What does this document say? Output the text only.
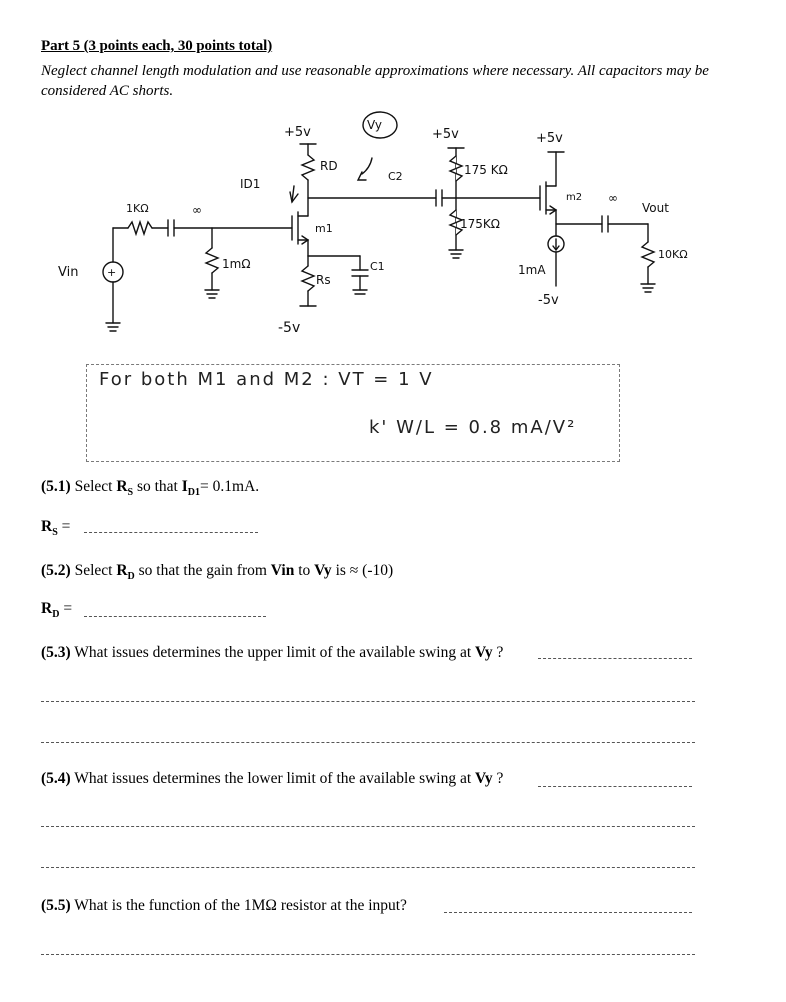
Part 5 (3 points each, 30 points total)
Neglect channel length modulation and use reasonable approximations where necessary. All capacitors may be considered AC shorts.
+
Vin
1KΩ	∞
1mΩ
m1
+5v
RD
ID1
C2
Vy
Rs
-5v
C1
+5v
175 KΩ
175KΩ
m2
+5v
1mA
-5v
∞
Vout
10KΩ
For both M1 and M2 : VT = 1 V
k' W/L = 0.8 mA/V²
(5.1) Select $R_S$ so that $I_{D1}= 0.1mA$.
$R_S$ =
(5.2) Select $R_D$ so that the gain from Vin to Vy is ≈ (-10)
$R_D$ =
(5.3) What issues determines the upper limit of the available swing at Vy ?
(5.4) What issues determines the lower limit of the available swing at Vy ?
(5.5) What is the function of the 1MΩ resistor at the input?
